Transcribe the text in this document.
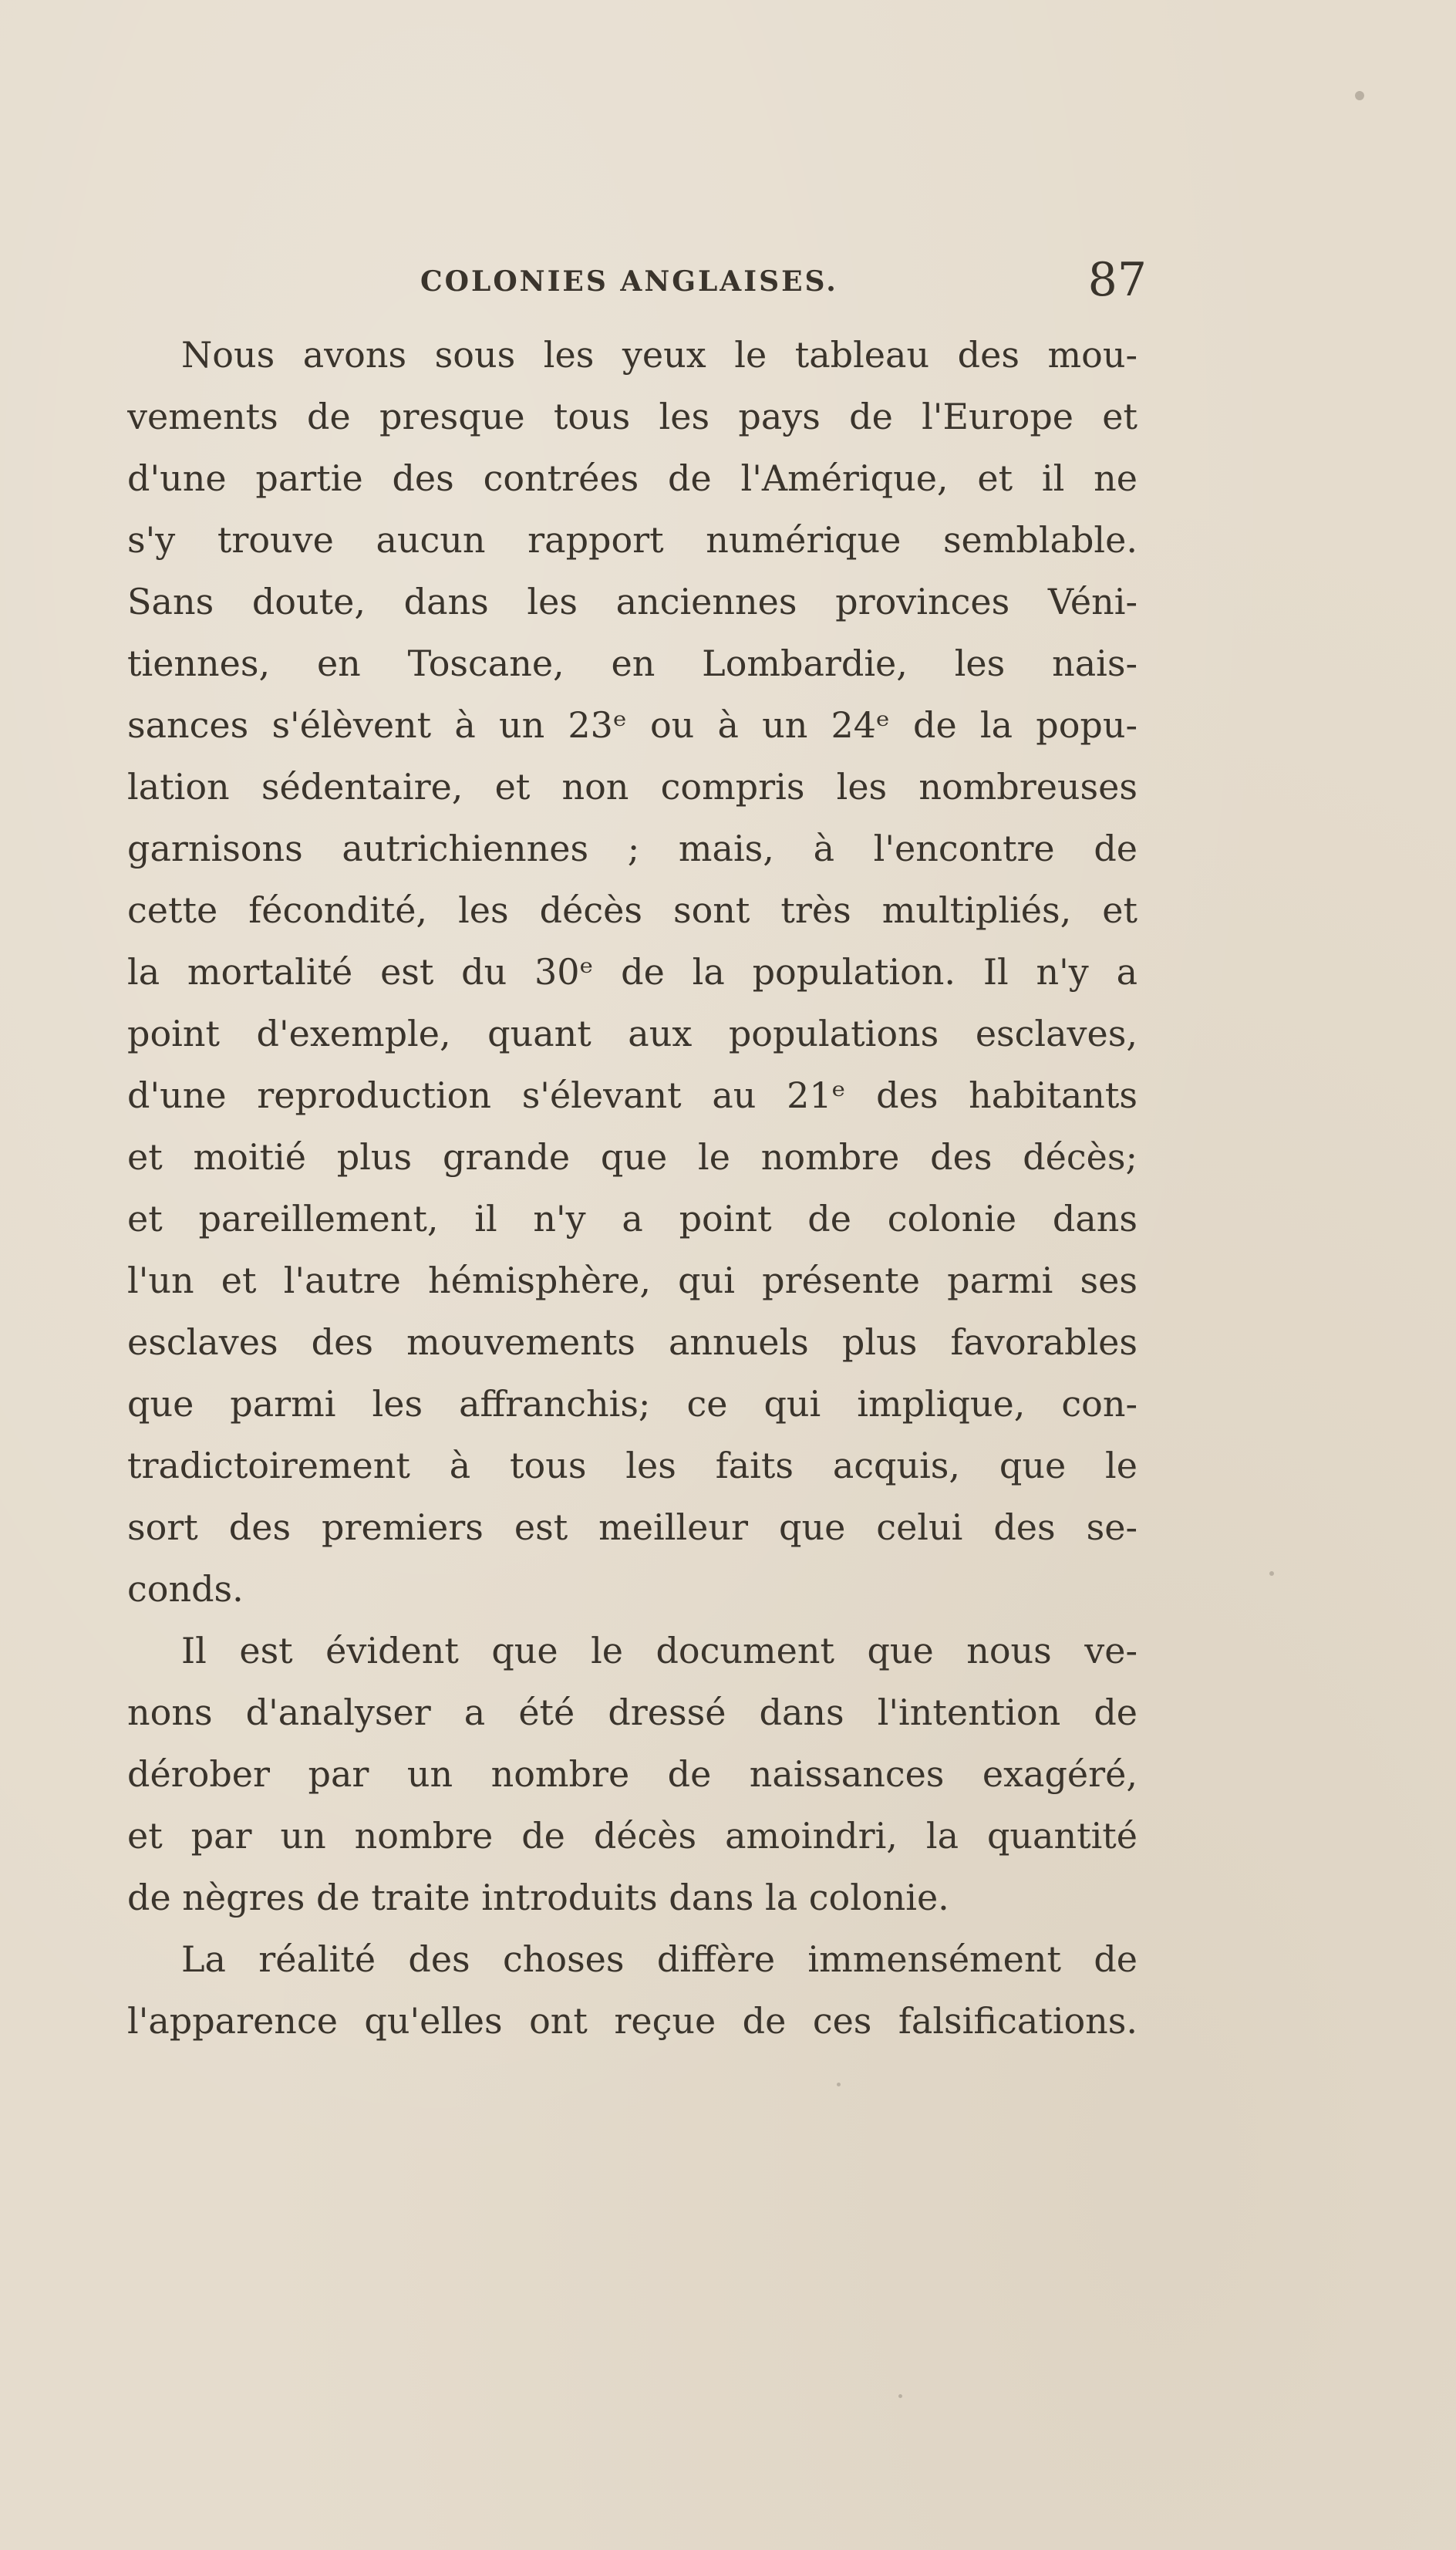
COLONIES ANGLAISES.	87
Nous avons sous les yeux le tableau des mou-
vements de presque tous les pays de l'Europe et
d'une partie des contrées de l'Amérique, et il ne
s'y trouve aucun rapport numérique semblable.
Sans doute, dans les anciennes provinces Véni-
tiennes, en Toscane, en Lombardie, les nais-
sances s'élèvent à un 23ᵉ ou à un 24ᵉ de la popu-
lation sédentaire, et non compris les nombreuses
garnisons autrichiennes ; mais, à l'encontre de
cette fécondité, les décès sont très multipliés, et
la mortalité est du 30ᵉ de la population. Il n'y a
point d'exemple, quant aux populations esclaves,
d'une reproduction s'élevant au 21ᵉ des habitants
et moitié plus grande que le nombre des décès;
et pareillement, il n'y a point de colonie dans
l'un et l'autre hémisphère, qui présente parmi ses
esclaves des mouvements annuels plus favorables
que parmi les affranchis; ce qui implique, con-
tradictoirement à tous les faits acquis, que le
sort des premiers est meilleur que celui des se-
conds.
Il est évident que le document que nous ve-
nons d'analyser a été dressé dans l'intention de
dérober par un nombre de naissances exagéré,
et par un nombre de décès amoindri, la quantité
de nègres de traite introduits dans la colonie.
La réalité des choses diffère immensément de
l'apparence qu'elles ont reçue de ces falsifications.
